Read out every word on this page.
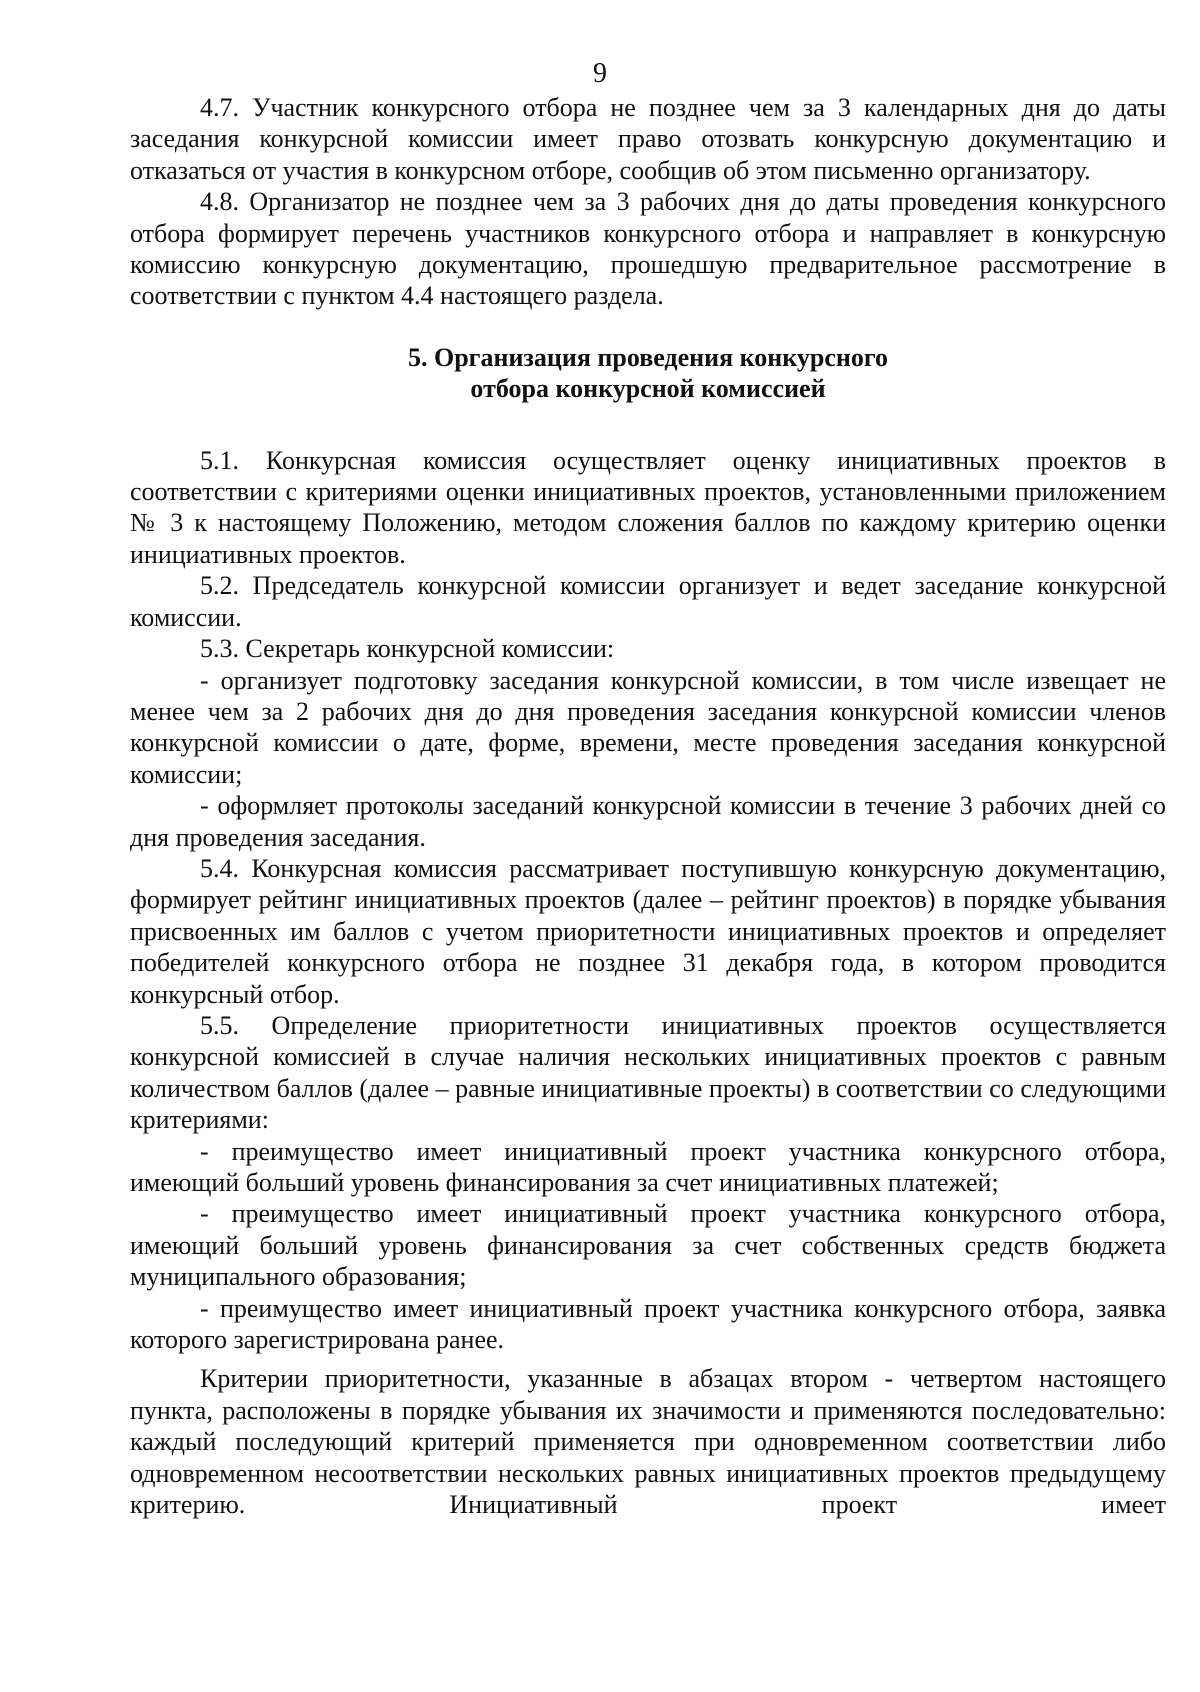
9

4.7. Участник конкурсного отбора не позднее чем за 3 календарных дня до даты заседания конкурсной комиссии имеет право отозвать конкурсную документацию и отказаться от участия в конкурсном отборе, сообщив об этом письменно организатору.

4.8. Организатор не позднее чем за 3 рабочих дня до даты проведения конкурсного отбора формирует перечень участников конкурсного отбора и направляет в конкурсную комиссию конкурсную документацию, прошедшую предварительное рассмотрение в соответствии с пунктом 4.4 настоящего раздела.

5. Организация проведения конкурсного
отбора конкурсной комиссией

5.1. Конкурсная комиссия осуществляет оценку инициативных проектов в соответствии с критериями оценки инициативных проектов, установленными приложением № 3 к настоящему Положению, методом сложения баллов по каждому критерию оценки инициативных проектов.

5.2. Председатель конкурсной комиссии организует и ведет заседание конкурсной комиссии.

5.3. Секретарь конкурсной комиссии:

- организует подготовку заседания конкурсной комиссии, в том числе извещает не менее чем за 2 рабочих дня до дня проведения заседания конкурсной комиссии членов конкурсной комиссии о дате, форме, времени, месте проведения заседания конкурсной комиссии;

- оформляет протоколы заседаний конкурсной комиссии в течение 3 рабочих дней со дня проведения заседания.

5.4. Конкурсная комиссия рассматривает поступившую конкурсную документацию, формирует рейтинг инициативных проектов (далее – рейтинг проектов) в порядке убывания присвоенных им баллов с учетом приоритетности инициативных проектов и определяет победителей конкурсного отбора не позднее 31 декабря года, в котором проводится конкурсный отбор.

5.5. Определение приоритетности инициативных проектов осуществляется конкурсной комиссией в случае наличия нескольких инициативных проектов с равным количеством баллов (далее – равные инициативные проекты) в соответствии со следующими критериями:

- преимущество имеет инициативный проект участника конкурсного отбора, имеющий больший уровень финансирования за счет инициативных платежей;

- преимущество имеет инициативный проект участника конкурсного отбора, имеющий больший уровень финансирования за счет собственных средств бюджета муниципального образования;

- преимущество имеет инициативный проект участника конкурсного отбора, заявка которого зарегистрирована ранее.

Критерии приоритетности, указанные в абзацах втором - четвертом настоящего пункта, расположены в порядке убывания их значимости и применяются последовательно: каждый последующий критерий применяется при одновременном соответствии либо одновременном несоответствии нескольких равных инициативных проектов предыдущему критерию. Инициативный проект имеет
